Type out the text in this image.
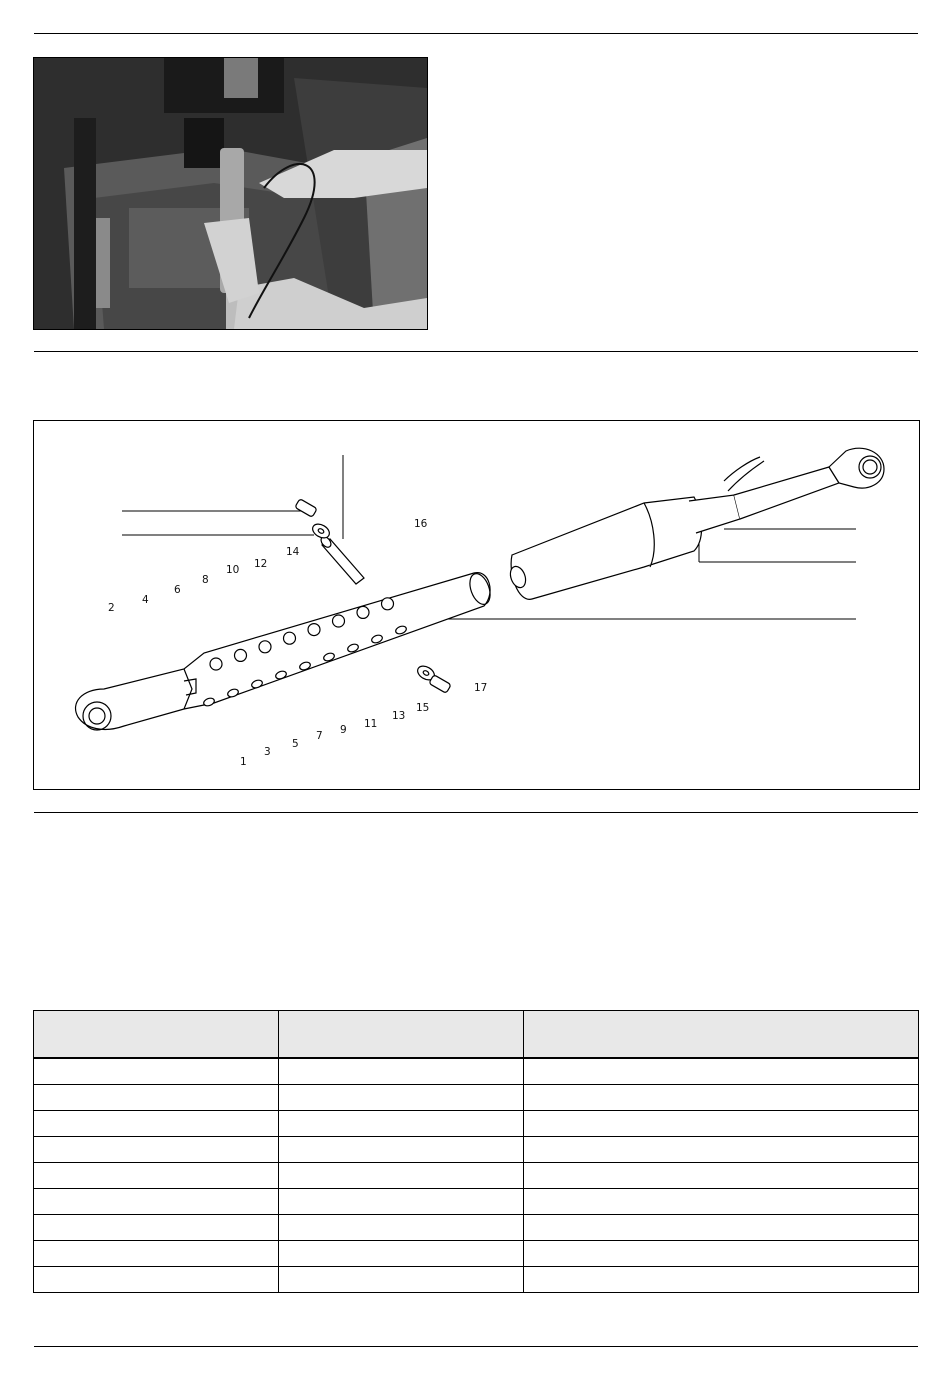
1
2
3
4
5
6
7
8
9
10
11
12
13
14
15
16
17
